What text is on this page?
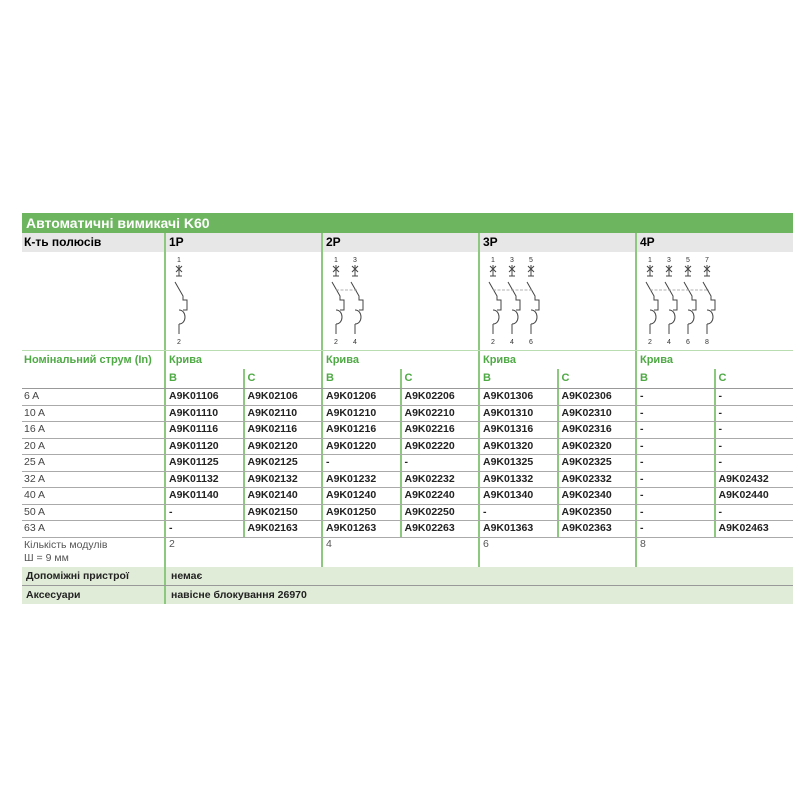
Автоматичні вимикачі K60
К-ть полюсів	1P	2P	3P	4P
1
2
1 3
2 4
1 3 5
2 4 6
1 3 5 7
2 4 6 8
Номінальний струм (In)	Крива	Крива	Крива	Крива
B	C	B	C	B	C	B	C
6 A	A9K01106	A9K02106	A9K01206	A9K02206	A9K01306	A9K02306	-	-
10 A	A9K01110	A9K02110	A9K01210	A9K02210	A9K01310	A9K02310	-	-
16 A	A9K01116	A9K02116	A9K01216	A9K02216	A9K01316	A9K02316	-	-
20 A	A9K01120	A9K02120	A9K01220	A9K02220	A9K01320	A9K02320	-	-
25 A	A9K01125	A9K02125	-	-	A9K01325	A9K02325	-	-
32 A	A9K01132	A9K02132	A9K01232	A9K02232	A9K01332	A9K02332	-	A9K02432
40 A	A9K01140	A9K02140	A9K01240	A9K02240	A9K01340	A9K02340	-	A9K02440
50 A	-	A9K02150	A9K01250	A9K02250	-	A9K02350	-	-
63 A	-	A9K02163	A9K01263	A9K02263	A9K01363	A9K02363	-	A9K02463
Кількість модулів
Ш = 9 мм
2	4	6	8
Допоміжні пристрої	немає
Аксесуари	навісне блокування 26970
